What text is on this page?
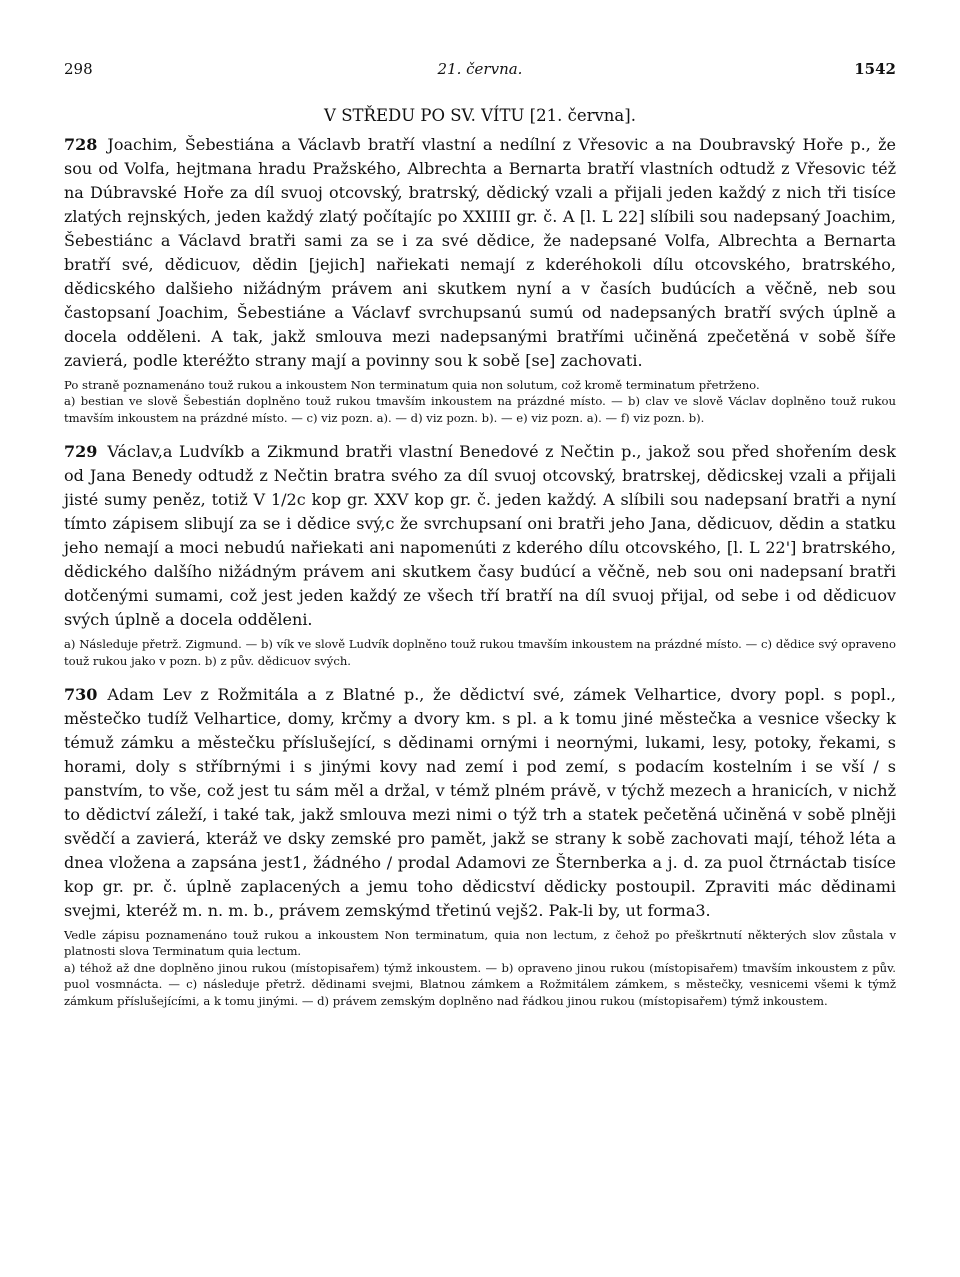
298	21. června.	1542
V STŘEDU PO SV. VÍTU [21. června].

728 Joachim, Šebestiána a Václavb bratří vlastní a nedílní z Vřesovic a na Doubravský Hoře p., že sou od Volfa, hejtmana hradu Pražského, Albrechta a Bernarta bratří vlastních odtudž z Vřesovic též na Dúbravské Hoře za díl svuoj otcovský, bratrský, dědický vzali a přijali jeden každý z nich tři tisíce zlatých rejnských, jeden každý zlatý počítajíc po XXIIII gr. č. A [l. L 22] slíbili sou nadepsaný Joachim, Šebestiánc a Václavd bratři sami za se i za své dědice, že nadepsané Volfa, Albrechta a Bernarta bratří své, dědicuov, dědin [jejich] nařiekati nemají z kderéhokoli dílu otcovského, bratrského, dědicského dalšieho nižádným právem ani skutkem nyní a v časích budúcích a věčně, neb sou častopsaní Joachim, Šebestiáne a Václavf svrchupsanú sumú od nadepsaných bratří svých úplně a docela odděleni. A tak, jakž smlouva mezi nadepsanými bratřími učiněná zpečetěná v sobě šíře zavierá, podle kteréžto strany mají a povinny sou k sobě [se] zachovati.

Po straně poznamenáno touž rukou a inkoustem Non terminatum quia non solutum, což kromě terminatum přetrženo.

a) bestian ve slově Šebestián doplněno touž rukou tmavším inkoustem na prázdné místo. — b) clav ve slově Václav doplněno touž rukou tmavším inkoustem na prázdné místo. — c) viz pozn. a). — d) viz pozn. b). — e) viz pozn. a). — f) viz pozn. b).

729 Václav,a Ludvíkb a Zikmund bratři vlastní Benedové z Nečtin p., jakož sou před shořením desk od Jana Benedy odtudž z Nečtin bratra svého za díl svuoj otcovský, bratrskej, dědicskej vzali a přijali jisté sumy peněz, totiž V 1/2c kop gr. XXV kop gr. č. jeden každý. A slíbili sou nadepsaní bratři a nyní tímto zápisem slibují za se i dědice svý,c že svrchupsaní oni bratři jeho Jana, dědicuov, dědin a statku jeho nemají a moci nebudú nařiekati ani napomenúti z kderého dílu otcovského, [l. L 22'] bratrského, dědického dalšího nižádným právem ani skutkem časy budúcí a věčně, neb sou oni nadepsaní bratři dotčenými sumami, což jest jeden každý ze všech tří bratří na díl svuoj přijal, od sebe i od dědicuov svých úplně a docela odděleni.

a) Následuje přetrž. Zigmund. — b) vík ve slově Ludvík doplněno touž rukou tmavším inkoustem na prázdné místo. — c) dědice svý opraveno touž rukou jako v pozn. b) z pův. dědicuov svých.

730 Adam Lev z Rožmitála a z Blatné p., že dědictví své, zámek Velhartice, dvory popl. s popl., městečko tudíž Velhartice, domy, krčmy a dvory km. s pl. a k tomu jiné městečka a vesnice všecky k témuž zámku a městečku příslušející, s dědinami ornými i neornými, lukami, lesy, potoky, řekami, s horami, doly s stříbrnými i s jinými kovy nad zemí i pod zemí, s podacím kostelním i se vší / s panstvím, to vše, což jest tu sám měl a držal, v témž plném právě, v týchž mezech a hranicích, v nichž to dědictví záleží, i také tak, jakž smlouva mezi nimi o týž trh a statek pečetěná učiněná v sobě plněji svědčí a zavierá, kteráž ve dsky zemské pro pamět, jakž se strany k sobě zachovati mají, téhož léta a dnea vložena a zapsána jest1, žádného / prodal Adamovi ze Šternberka a j. d. za puol čtrnáctab tisíce kop gr. pr. č. úplně zaplacených a jemu toho dědicství dědicky postoupil. Zpraviti mác dědinami svejmi, kteréž m. n. m. b., právem zemskýmd třetinú vejš2. Pak-li by, ut forma3.

Vedle zápisu poznamenáno touž rukou a inkoustem Non terminatum, quia non lectum, z čehož po přeškrtnutí některých slov zůstala v platnosti slova Terminatum quia lectum.

a) téhož až dne doplněno jinou rukou (místopisařem) týmž inkoustem. — b) opraveno jinou rukou (místopisařem) tmavším inkoustem z pův. puol vosmnácta. — c) následuje přetrž. dědinami svejmi, Blatnou zámkem a Rožmitálem zámkem, s městečky, vesnicemi všemi k týmž zámkum příslušejícími, a k tomu jinými. — d) právem zemským doplněno nad řádkou jinou rukou (místopisařem) týmž inkoustem.
